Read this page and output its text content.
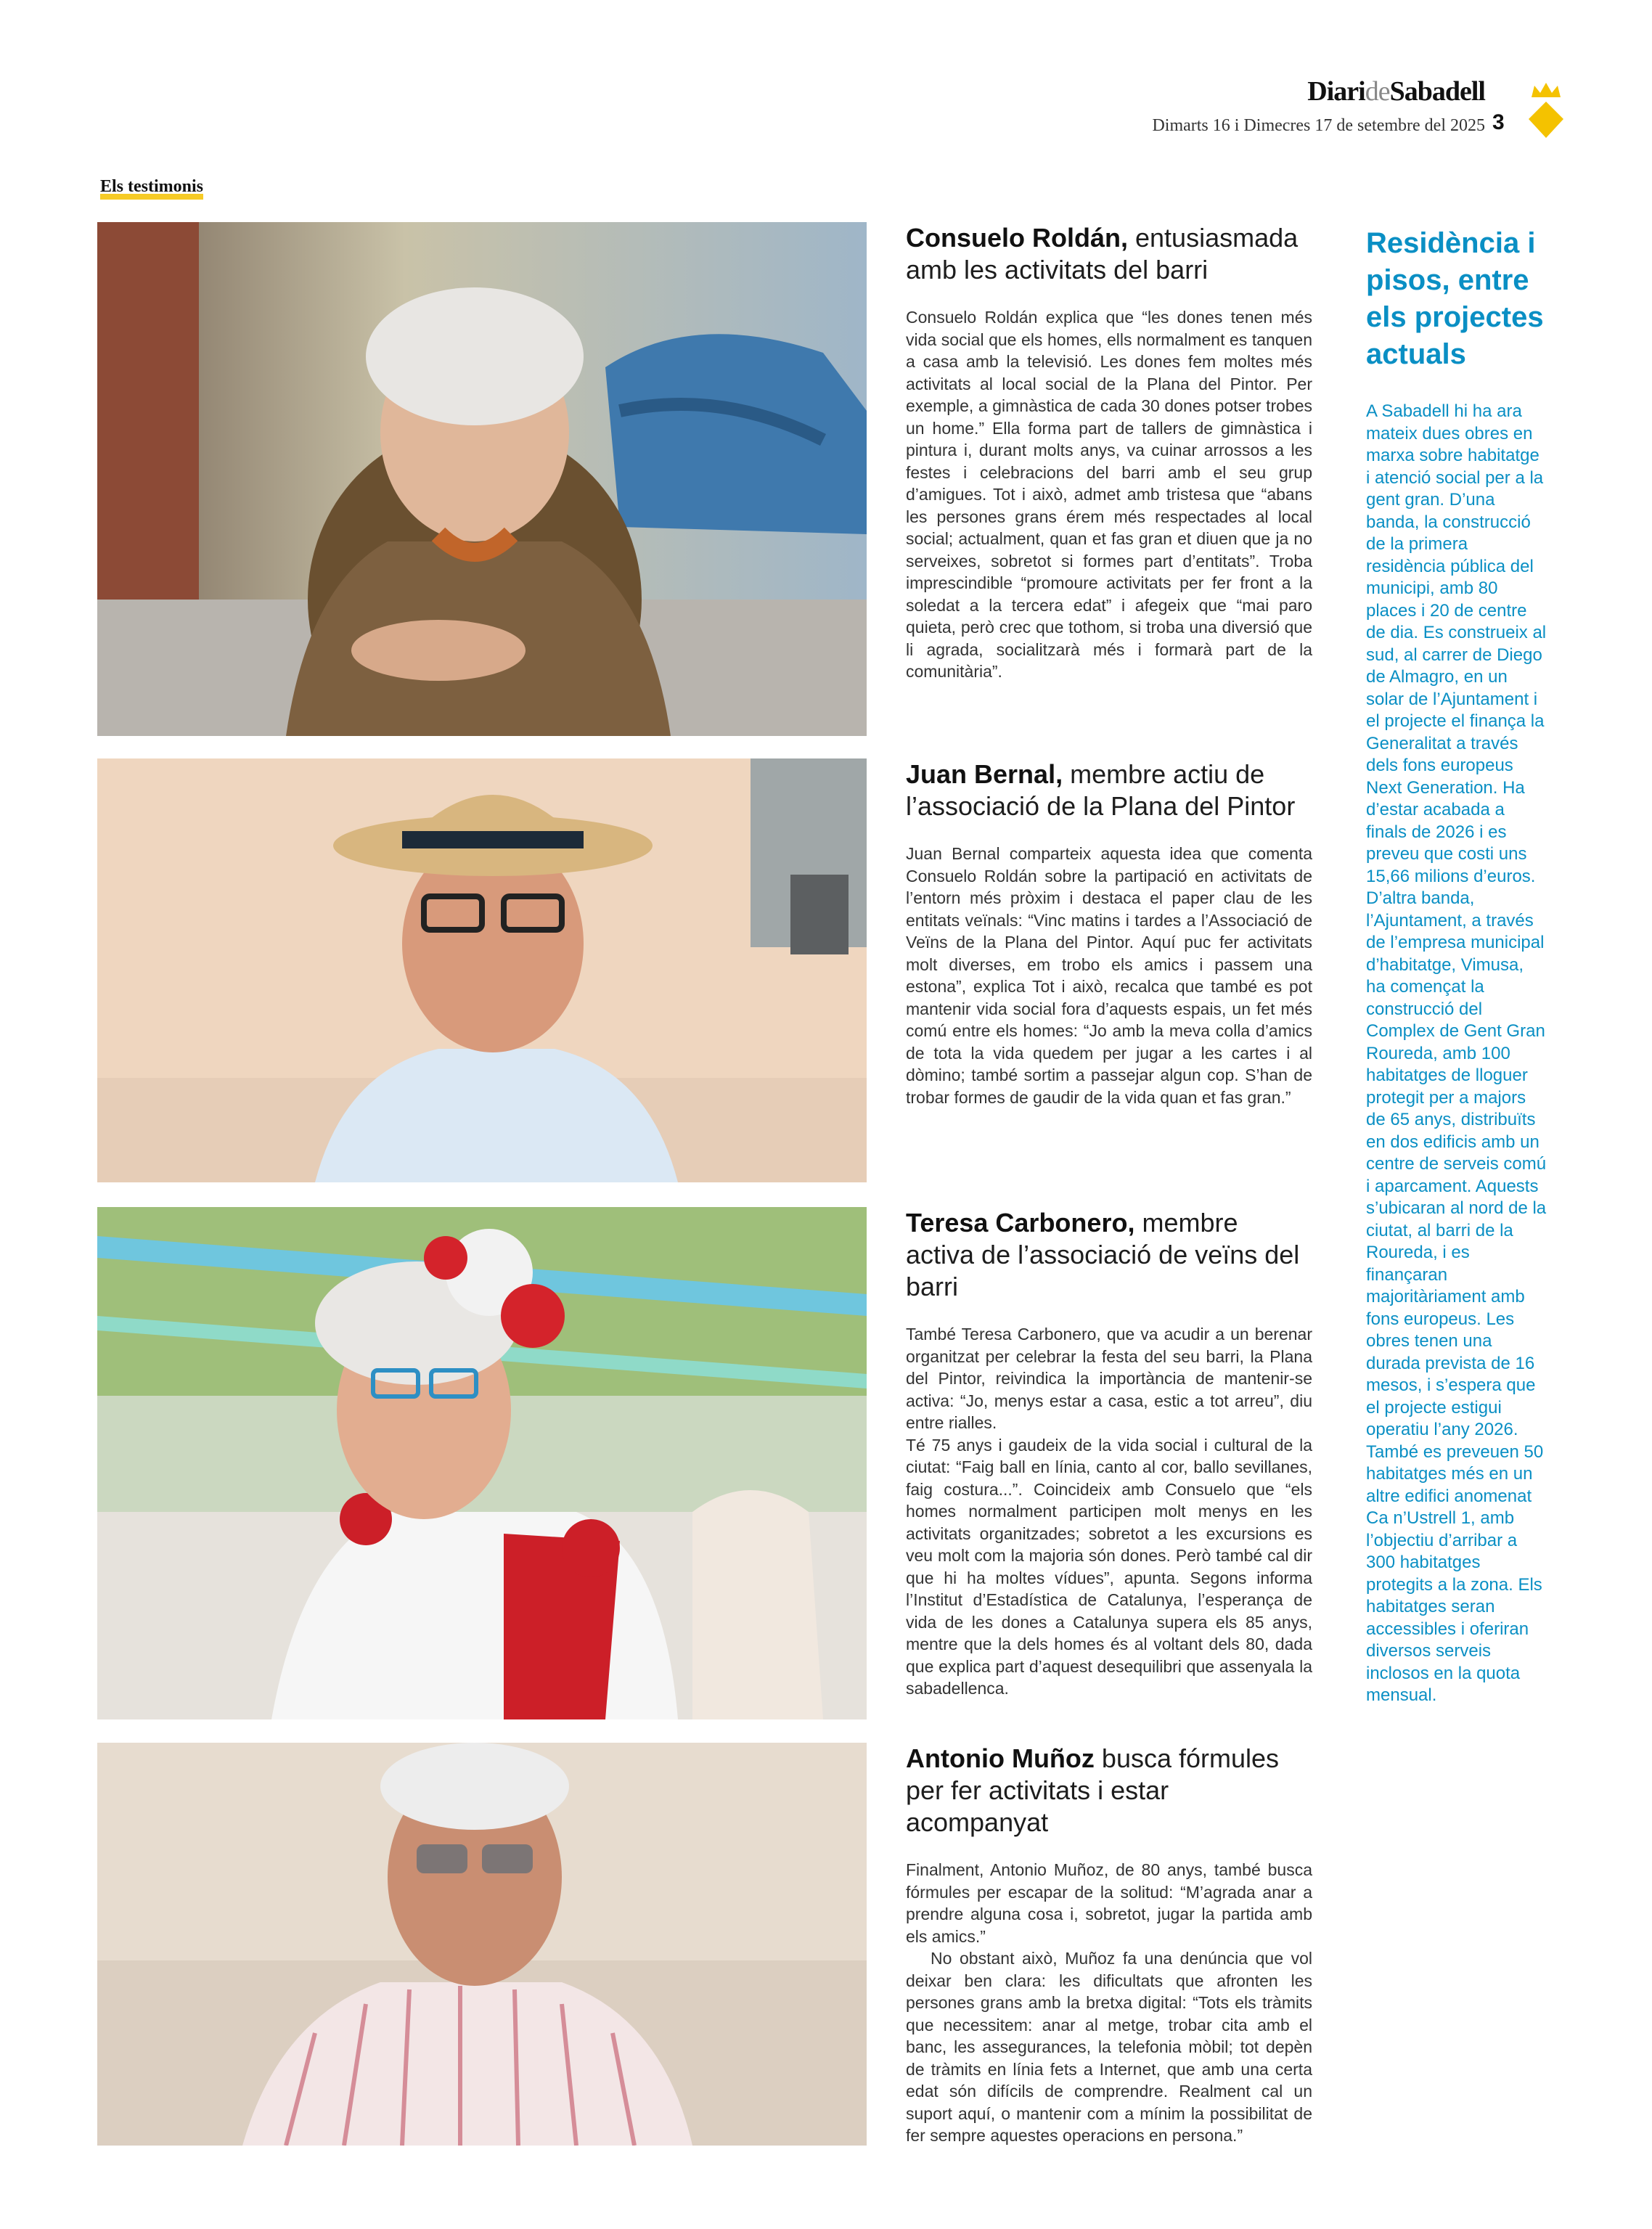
DiarideSabadell
Dimarts 16 i Dimecres 17 de setembre del 2025 3
Els testimonis
Consuelo Roldán, entusiasmada amb les activitats del barri

Consuelo Roldán explica que “les dones tenen més vida social que els homes, ells normalment es tanquen a casa amb la televisió. Les dones fem moltes més activitats al local social de la Plana del Pintor. Per exemple, a gimnàstica de cada 30 dones potser trobes un home.” Ella forma part de tallers de gimnàstica i pintura i, durant molts anys, va cuinar arrossos a les festes i celebracions del barri amb el seu grup d’amigues. Tot i això, admet amb tristesa que “abans les persones grans érem més respectades al local social; actualment, quan et fas gran et diuen que ja no serveixes, sobretot si formes part d’entitats”. Troba imprescindible “promoure activitats per fer front a la soledat a la tercera edat” i afegeix que “mai paro quieta, però crec que tothom, si troba una diversió que li agrada, socialitzarà més i formarà part de la comunitària”.

Juan Bernal, membre actiu de l’associació de la Plana del Pintor

Juan Bernal comparteix aquesta idea que comenta Consuelo Roldán sobre la partipació en activitats de l’entorn més pròxim i destaca el paper clau de les entitats veïnals: “Vinc matins i tardes a l’Associació de Veïns de la Plana del Pintor. Aquí puc fer activitats molt diverses, em trobo els amics i passem una estona”, explica Tot i això, recalca que també es pot mantenir vida social fora d’aquests espais, un fet més comú entre els homes: “Jo amb la meva colla d’amics de tota la vida quedem per jugar a les cartes i al dòmino; també sortim a passejar algun cop. S’han de trobar formes de gaudir de la vida quan et fas gran.”

Teresa Carbonero, membre activa de l’associació de veïns del barri

També Teresa Carbonero, que va acudir a un berenar organitzat per celebrar la festa del seu barri, la Plana del Pintor, reivindica la importància de mantenir-se activa: “Jo, menys estar a casa, estic a tot arreu”, diu entre rialles.

Té 75 anys i gaudeix de la vida social i cultural de la ciutat: “Faig ball en línia, canto al cor, ballo sevillanes, faig costura...”. Coincideix amb Consuelo que “els homes normalment participen molt menys en les activitats organitzades; sobretot a les excursions es veu molt com la majoria són dones. Però també cal dir que hi ha moltes vídues”, apunta. Segons informa l’Institut d’Estadística de Catalunya, l’esperança de vida de les dones a Catalunya supera els 85 anys, mentre que la dels homes és al voltant dels 80, dada que explica part d’aquest desequilibri que assenyala la sabadellenca.

Antonio Muñoz busca fórmules per fer activitats i estar acompanyat

Finalment, Antonio Muñoz, de 80 anys, també busca fórmules per escapar de la solitud: “M’agrada anar a prendre alguna cosa i, sobretot, jugar la partida amb els amics.”

No obstant això, Muñoz fa una denúncia que vol deixar ben clara: les dificultats que afronten les persones grans amb la bretxa digital: “Tots els tràmits que necessitem: anar al metge, trobar cita amb el banc, les assegurances, la telefonia mòbil; tot depèn de tràmits en línia fets a Internet, que amb una certa edat són difícils de comprendre. Realment cal un suport aquí, o mantenir com a mínim la possibilitat de fer sempre aquestes operacions en persona.”

Residència i pisos, entre els projectes actuals

A Sabadell hi ha ara mateix dues obres en marxa sobre habitatge i atenció social per a la gent gran. D’una banda, la construcció de la primera residència pública del municipi, amb 80 places i 20 de centre de dia. Es construeix al sud, al carrer de Diego de Almagro, en un solar de l’Ajuntament i el projecte el finança la Generalitat a través dels fons europeus Next Generation. Ha d’estar acabada a finals de 2026 i es preveu que costi uns 15,66 milions d’euros. D’altra banda, l’Ajuntament, a través de l’empresa municipal d’habitatge, Vimusa, ha començat la construcció del Complex de Gent Gran Roureda, amb 100 habitatges de lloguer protegit per a majors de 65 anys, distribuïts en dos edificis amb un centre de serveis comú i aparcament. Aquests s’ubicaran al nord de la ciutat, al barri de la Roureda, i es finançaran majoritàriament amb fons europeus. Les obres tenen una durada prevista de 16 mesos, i s’espera que el projecte estigui operatiu l’any 2026. També es preveuen 50 habitatges més en un altre edifici anomenat Ca n’Ustrell 1, amb l’objectiu d’arribar a 300 habitatges protegits a la zona. Els habitatges seran accessibles i oferiran diversos serveis inclosos en la quota mensual.
